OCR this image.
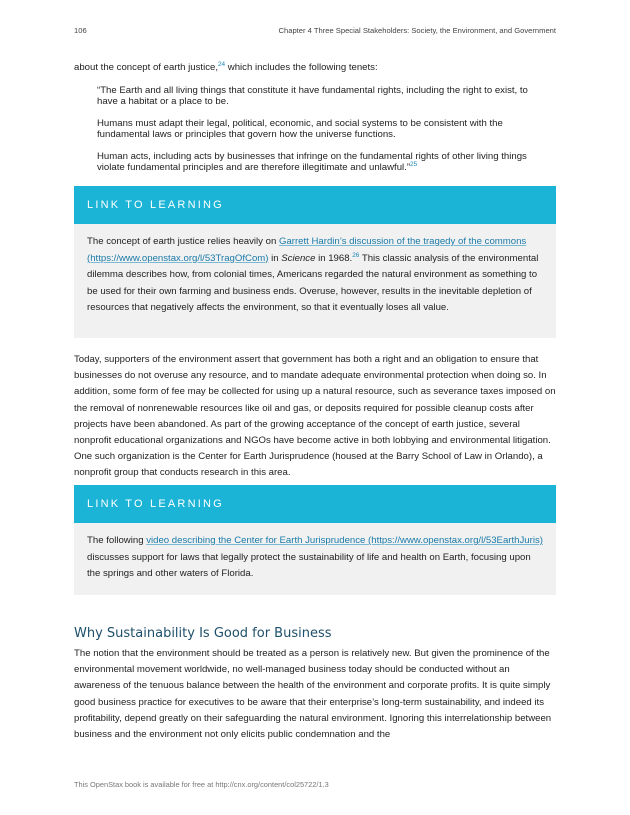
106	Chapter 4 Three Special Stakeholders: Society, the Environment, and Government
about the concept of earth justice,$^{24}$ which includes the following tenets:
“The Earth and all living things that constitute it have fundamental rights, including the right to exist, to have a habitat or a place to be.
Humans must adapt their legal, political, economic, and social systems to be consistent with the fundamental laws or principles that govern how the universe functions.
Human acts, including acts by businesses that infringe on the fundamental rights of other living things violate fundamental principles and are therefore illegitimate and unlawful.”$^{25}$
LINK TO LEARNING
The concept of earth justice relies heavily on Garrett Hardin’s discussion of the tragedy of the commons (https://www.openstax.org/l/53TragOfCom) in Science in 1968.26 This classic analysis of the environmental dilemma describes how, from colonial times, Americans regarded the natural environment as something to be used for their own farming and business ends. Overuse, however, results in the inevitable depletion of resources that negatively affects the environment, so that it eventually loses all value.
Today, supporters of the environment assert that government has both a right and an obligation to ensure that businesses do not overuse any resource, and to mandate adequate environmental protection when doing so. In addition, some form of fee may be collected for using up a natural resource, such as severance taxes imposed on the removal of nonrenewable resources like oil and gas, or deposits required for possible cleanup costs after projects have been abandoned. As part of the growing acceptance of the concept of earth justice, several nonprofit educational organizations and NGOs have become active in both lobbying and environmental litigation. One such organization is the Center for Earth Jurisprudence (housed at the Barry School of Law in Orlando), a nonprofit group that conducts research in this area.
LINK TO LEARNING
The following video describing the Center for Earth Jurisprudence (https://www.openstax.org/l/53EarthJuris) discusses support for laws that legally protect the sustainability of life and health on Earth, focusing upon the springs and other waters of Florida.
Why Sustainability Is Good for Business
The notion that the environment should be treated as a person is relatively new. But given the prominence of the environmental movement worldwide, no well-managed business today should be conducted without an awareness of the tenuous balance between the health of the environment and corporate profits. It is quite simply good business practice for executives to be aware that their enterprise’s long-term sustainability, and indeed its profitability, depend greatly on their safeguarding the natural environment. Ignoring this interrelationship between business and the environment not only elicits public condemnation and the
This OpenStax book is available for free at http://cnx.org/content/col25722/1.3
